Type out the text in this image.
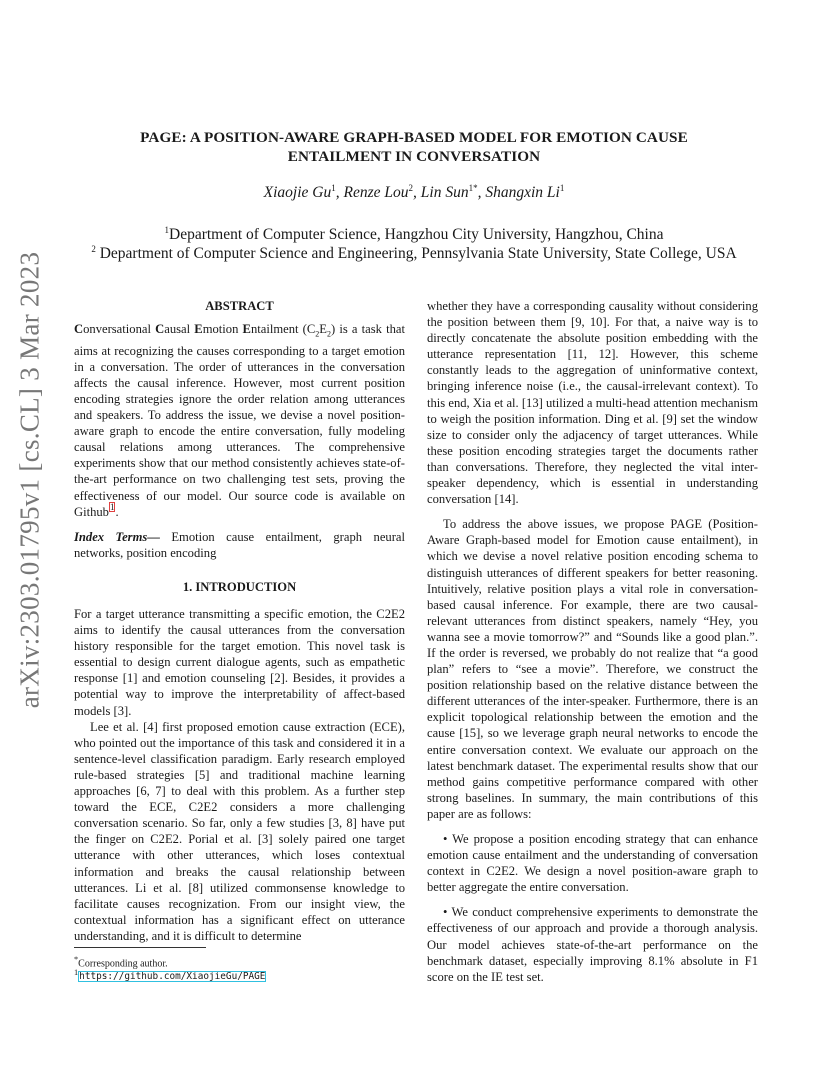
PAGE: A POSITION-AWARE GRAPH-BASED MODEL FOR EMOTION CAUSE
ENTAILMENT IN CONVERSATION
Xiaojie Gu$^1$, Renze Lou$^2$, Lin Sun$^{1*}$, Shangxin Li$^1$
$^1$Department of Computer Science, Hangzhou City University, Hangzhou, China
$^2$ Department of Computer Science and Engineering, Pennsylvania State University, State College, USA
arXiv:2303.01795v1 [cs.CL] 3 Mar 2023	ABSTRACT

Conversational Causal Emotion Entailment $(C_2E_2)$ is a task that aims at recognizing the causes corresponding to a target emotion in a conversation. The order of utterances in the conversation affects the causal inference. However, most current position encoding strategies ignore the order relation among utterances and speakers. To address the issue, we devise a novel position-aware graph to encode the entire conversation, fully modeling causal relations among utterances. The comprehensive experiments show that our method consistently achieves state-of-the-art performance on two challenging test sets, proving the effectiveness of our model. Our source code is available on Github$^1$.

Index Terms— Emotion cause entailment, graph neural networks, position encoding

1. INTRODUCTION

For a target utterance transmitting a specific emotion, the C2E2 aims to identify the causal utterances from the conversation history responsible for the target emotion. This novel task is essential to design current dialogue agents, such as empathetic response [1] and emotion counseling [2]. Besides, it provides a potential way to improve the interpretability of affect-based models [3].

Lee et al. [4] first proposed emotion cause extraction (ECE), who pointed out the importance of this task and considered it in a sentence-level classification paradigm. Early research employed rule-based strategies [5] and traditional machine learning approaches [6, 7] to deal with this problem. As a further step toward the ECE, C2E2 considers a more challenging conversation scenario. So far, only a few studies [3, 8] have put the finger on C2E2. Porial et al. [3] solely paired one target utterance with other utterances, which loses contextual information and breaks the causal relationship between utterances. Li et al. [8] utilized commonsense knowledge to facilitate causes recognization. From our insight view, the contextual information has a significant effect on utterance understanding, and it is difficult to determine

whether they have a corresponding causality without considering the position between them [9, 10]. For that, a naive way is to directly concatenate the absolute position embedding with the utterance representation [11, 12]. However, this scheme constantly leads to the aggregation of uninformative context, bringing inference noise (i.e., the causal-irrelevant context). To this end, Xia et al. [13] utilized a multi-head attention mechanism to weigh the position information. Ding et al. [9] set the window size to consider only the adjacency of target utterances. While these position encoding strategies target the documents rather than conversations. Therefore, they neglected the vital inter-speaker dependency, which is essential in understanding conversation [14].

To address the above issues, we propose PAGE (Position-Aware Graph-based model for Emotion cause entailment), in which we devise a novel relative position encoding schema to distinguish utterances of different speakers for better reasoning. Intuitively, relative position plays a vital role in conversation-based causal inference. For example, there are two causal-relevant utterances from distinct speakers, namely “Hey, you wanna see a movie tomorrow?” and “Sounds like a good plan.”. If the order is reversed, we probably do not realize that “a good plan” refers to “see a movie”. Therefore, we construct the position relationship based on the relative distance between the different utterances of the inter-speaker. Furthermore, there is an explicit topological relationship between the emotion and the cause [15], so we leverage graph neural networks to encode the entire conversation context. We evaluate our approach on the latest benchmark dataset. The experimental results show that our method gains competitive performance compared with other strong baselines. In summary, the main contributions of this paper are as follows:

• We propose a position encoding strategy that can enhance emotion cause entailment and the understanding of conversation context in C2E2. We design a novel position-aware graph to better aggregate the entire conversation.

• We conduct comprehensive experiments to demonstrate the effectiveness of our approach and provide a thorough analysis. Our model achieves state-of-the-art performance on the benchmark dataset, especially improving 8.1% absolute in F1 score on the IE test set.

*Corresponding author.
$^1$https://github.com/XiaojieGu/PAGE
